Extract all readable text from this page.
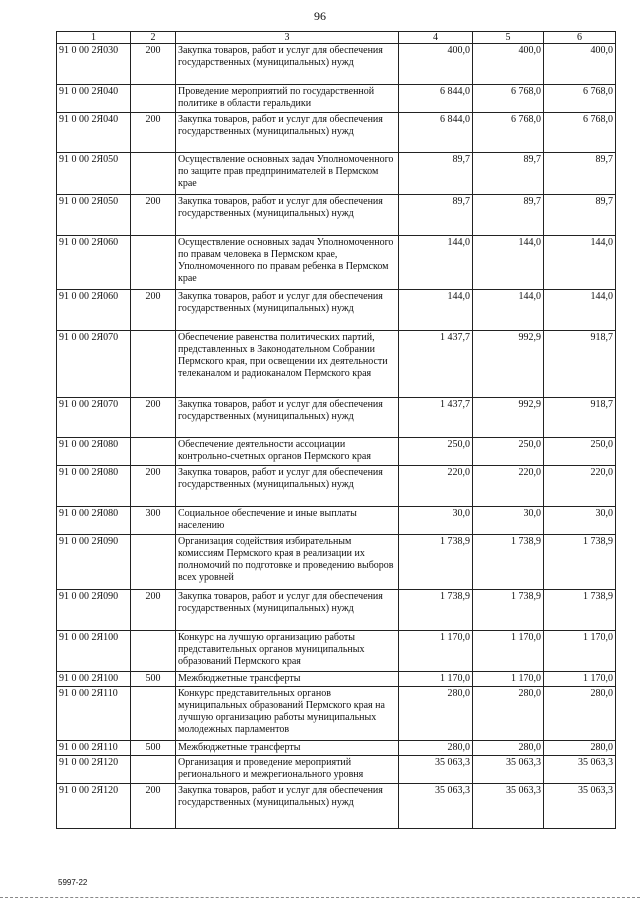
96
1	2	3	4	5	6
91 0 00 2Я030	200	Закупка товаров, работ и услуг для обеспечения государственных (муниципальных) нужд	400,0	400,0	400,0
91 0 00 2Я040		Проведение мероприятий по государственной политике в области геральдики	6 844,0	6 768,0	6 768,0
91 0 00 2Я040	200	Закупка товаров, работ и услуг для обеспечения государственных (муниципальных) нужд	6 844,0	6 768,0	6 768,0
91 0 00 2Я050		Осуществление основных задач Уполномоченного по защите прав предпринимателей в Пермском крае	89,7	89,7	89,7
91 0 00 2Я050	200	Закупка товаров, работ и услуг для обеспечения государственных (муниципальных) нужд	89,7	89,7	89,7
91 0 00 2Я060		Осуществление основных задач Уполномоченного по правам человека в Пермском крае, Уполномоченного по правам ребенка в Пермском крае	144,0	144,0	144,0
91 0 00 2Я060	200	Закупка товаров, работ и услуг для обеспечения государственных (муниципальных) нужд	144,0	144,0	144,0
91 0 00 2Я070		Обеспечение равенства политических партий, представленных в Законодательном Собрании Пермского края, при освещении их деятельности телеканалом и радиоканалом Пермского края	1 437,7	992,9	918,7
91 0 00 2Я070	200	Закупка товаров, работ и услуг для обеспечения государственных (муниципальных) нужд	1 437,7	992,9	918,7
91 0 00 2Я080		Обеспечение деятельности ассоциации контрольно-счетных органов Пермского края	250,0	250,0	250,0
91 0 00 2Я080	200	Закупка товаров, работ и услуг для обеспечения государственных (муниципальных) нужд	220,0	220,0	220,0
91 0 00 2Я080	300	Социальное обеспечение и иные выплаты населению	30,0	30,0	30,0
91 0 00 2Я090		Организация содействия избирательным комиссиям Пермского края в реализации их полномочий по подготовке и проведению выборов всех уровней	1 738,9	1 738,9	1 738,9
91 0 00 2Я090	200	Закупка товаров, работ и услуг для обеспечения государственных (муниципальных) нужд	1 738,9	1 738,9	1 738,9
91 0 00 2Я100		Конкурс на лучшую организацию работы представительных органов муниципальных образований Пермского края	1 170,0	1 170,0	1 170,0
91 0 00 2Я100	500	Межбюджетные трансферты	1 170,0	1 170,0	1 170,0
91 0 00 2Я110		Конкурс представительных органов муниципальных образований Пермского края на лучшую организацию работы муниципальных молодежных парламентов	280,0	280,0	280,0
91 0 00 2Я110	500	Межбюджетные трансферты	280,0	280,0	280,0
91 0 00 2Я120		Организация и проведение мероприятий регионального и межрегионального уровня	35 063,3	35 063,3	35 063,3
91 0 00 2Я120	200	Закупка товаров, работ и услуг для обеспечения государственных (муниципальных) нужд	35 063,3	35 063,3	35 063,3
5997-22
